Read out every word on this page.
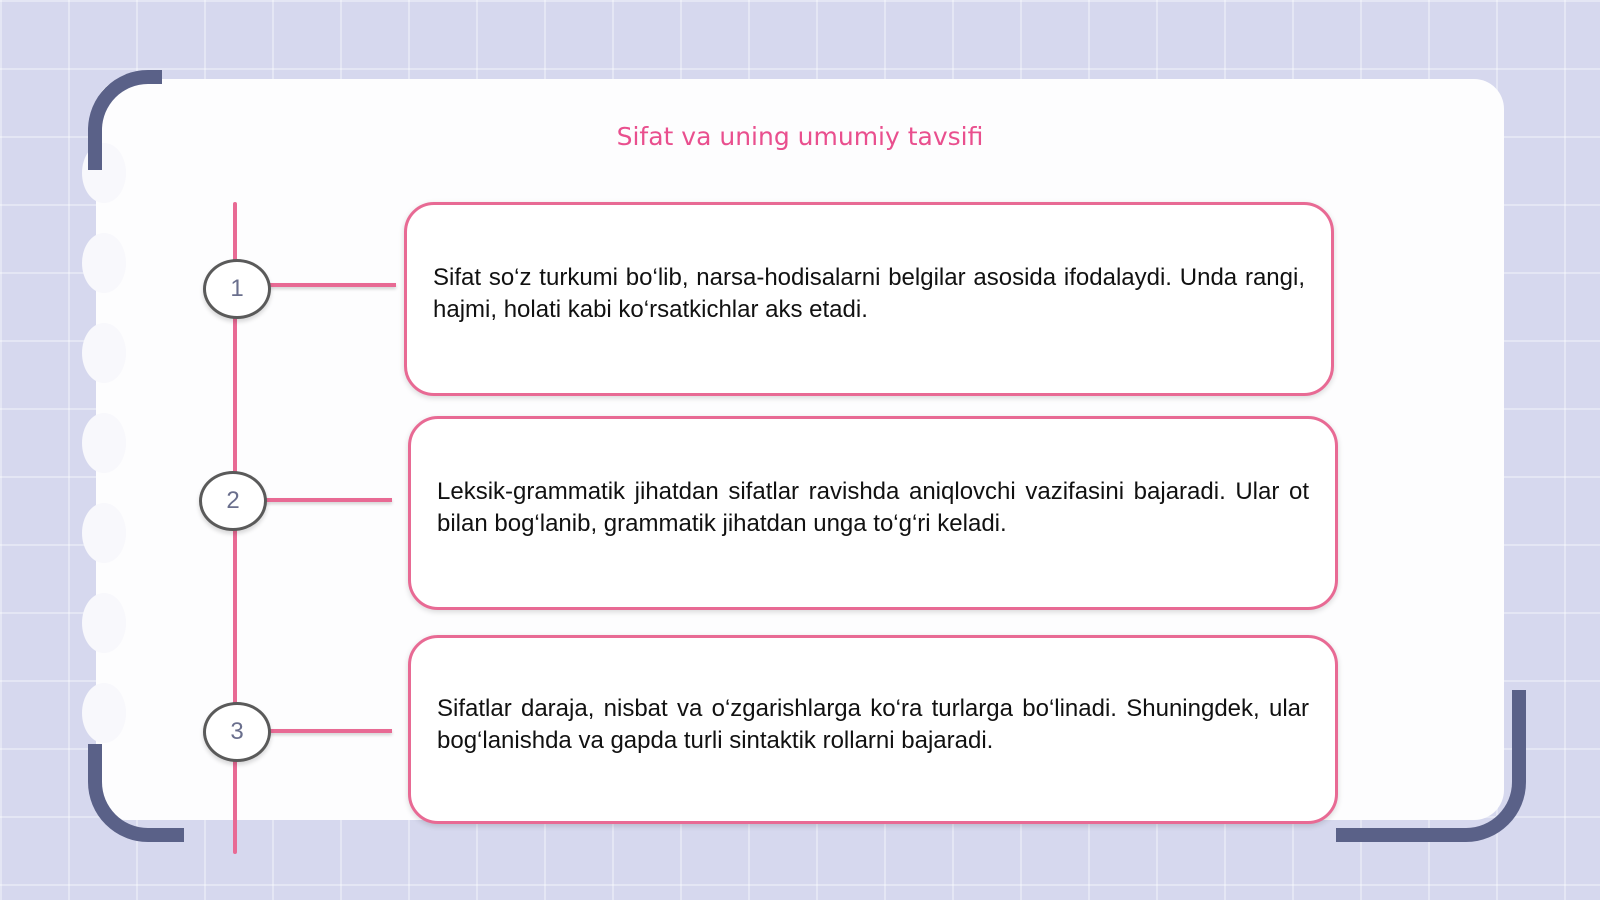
Sifat va uning umumiy tavsifi
1
2
3
Sifat so‘z turkumi bo‘lib, narsa-hodisalarni belgilar asosida ifodalaydi. Unda rangi, hajmi, holati kabi ko‘rsatkichlar aks etadi.
Leksik-grammatik jihatdan sifatlar ravishda aniqlovchi vazifasini bajaradi. Ular ot bilan bog‘lanib, grammatik jihatdan unga to‘g‘ri keladi.
Sifatlar daraja, nisbat va o‘zgarishlarga ko‘ra turlarga bo‘linadi. Shuningdek, ular bog‘lanishda va gapda turli sintaktik rollarni bajaradi.
